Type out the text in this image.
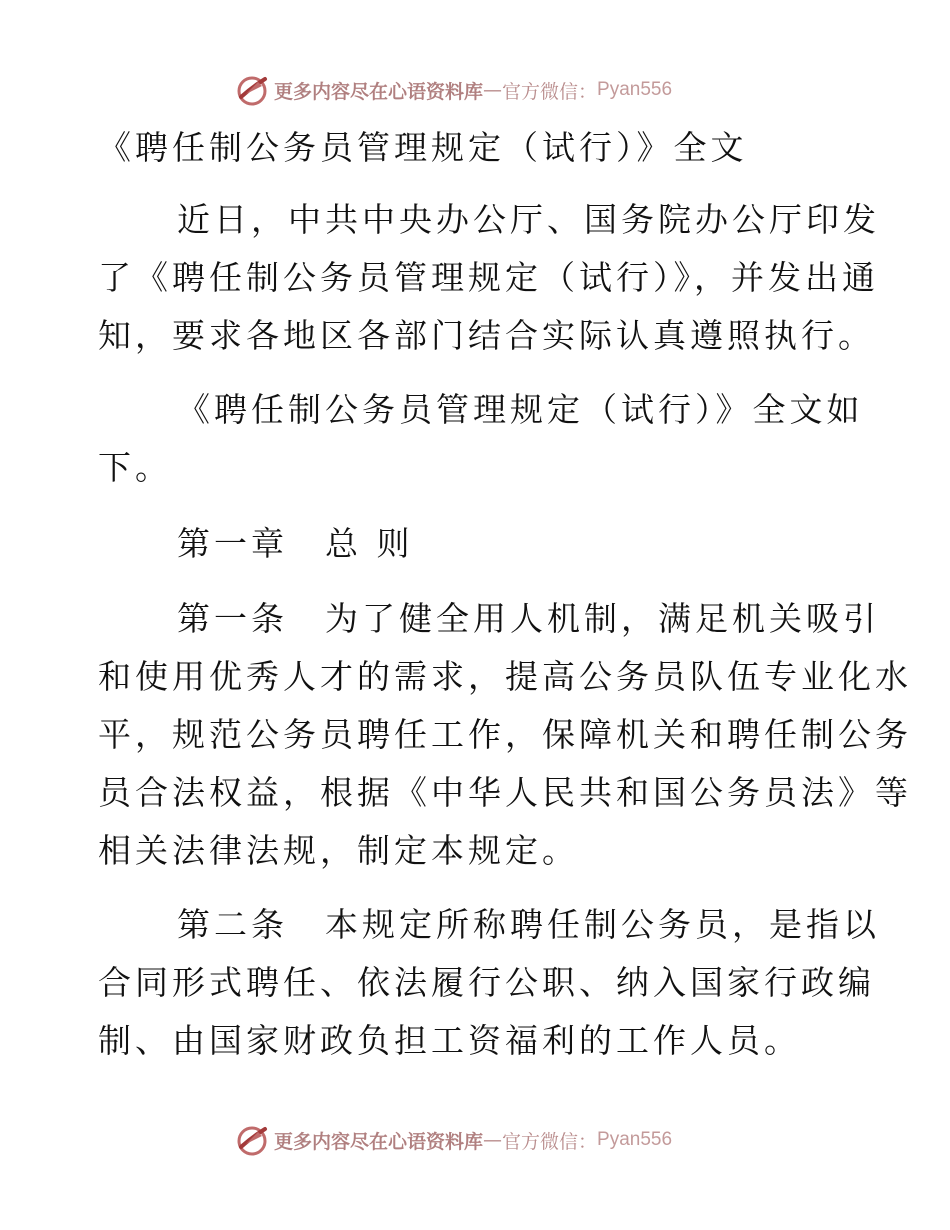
更多内容尽在心语资料库 — 官方微信： Pyan556
《聘任制公务员管理规定（试行）》全文
近日，中共中央办公厅、国务院办公厅印发
了《聘任制公务员管理规定（试行）》，并发出通
知，要求各地区各部门结合实际认真遵照执行。
《聘任制公务员管理规定（试行）》全文如
下。
第一章　总 则
第一条　为了健全用人机制，满足机关吸引
和使用优秀人才的需求，提高公务员队伍专业化水
平，规范公务员聘任工作，保障机关和聘任制公务
员合法权益，根据《中华人民共和国公务员法》等
相关法律法规，制定本规定。
第二条　本规定所称聘任制公务员，是指以
合同形式聘任、依法履行公职、纳入国家行政编
制、由国家财政负担工资福利的工作人员。
更多内容尽在心语资料库 — 官方微信： Pyan556
